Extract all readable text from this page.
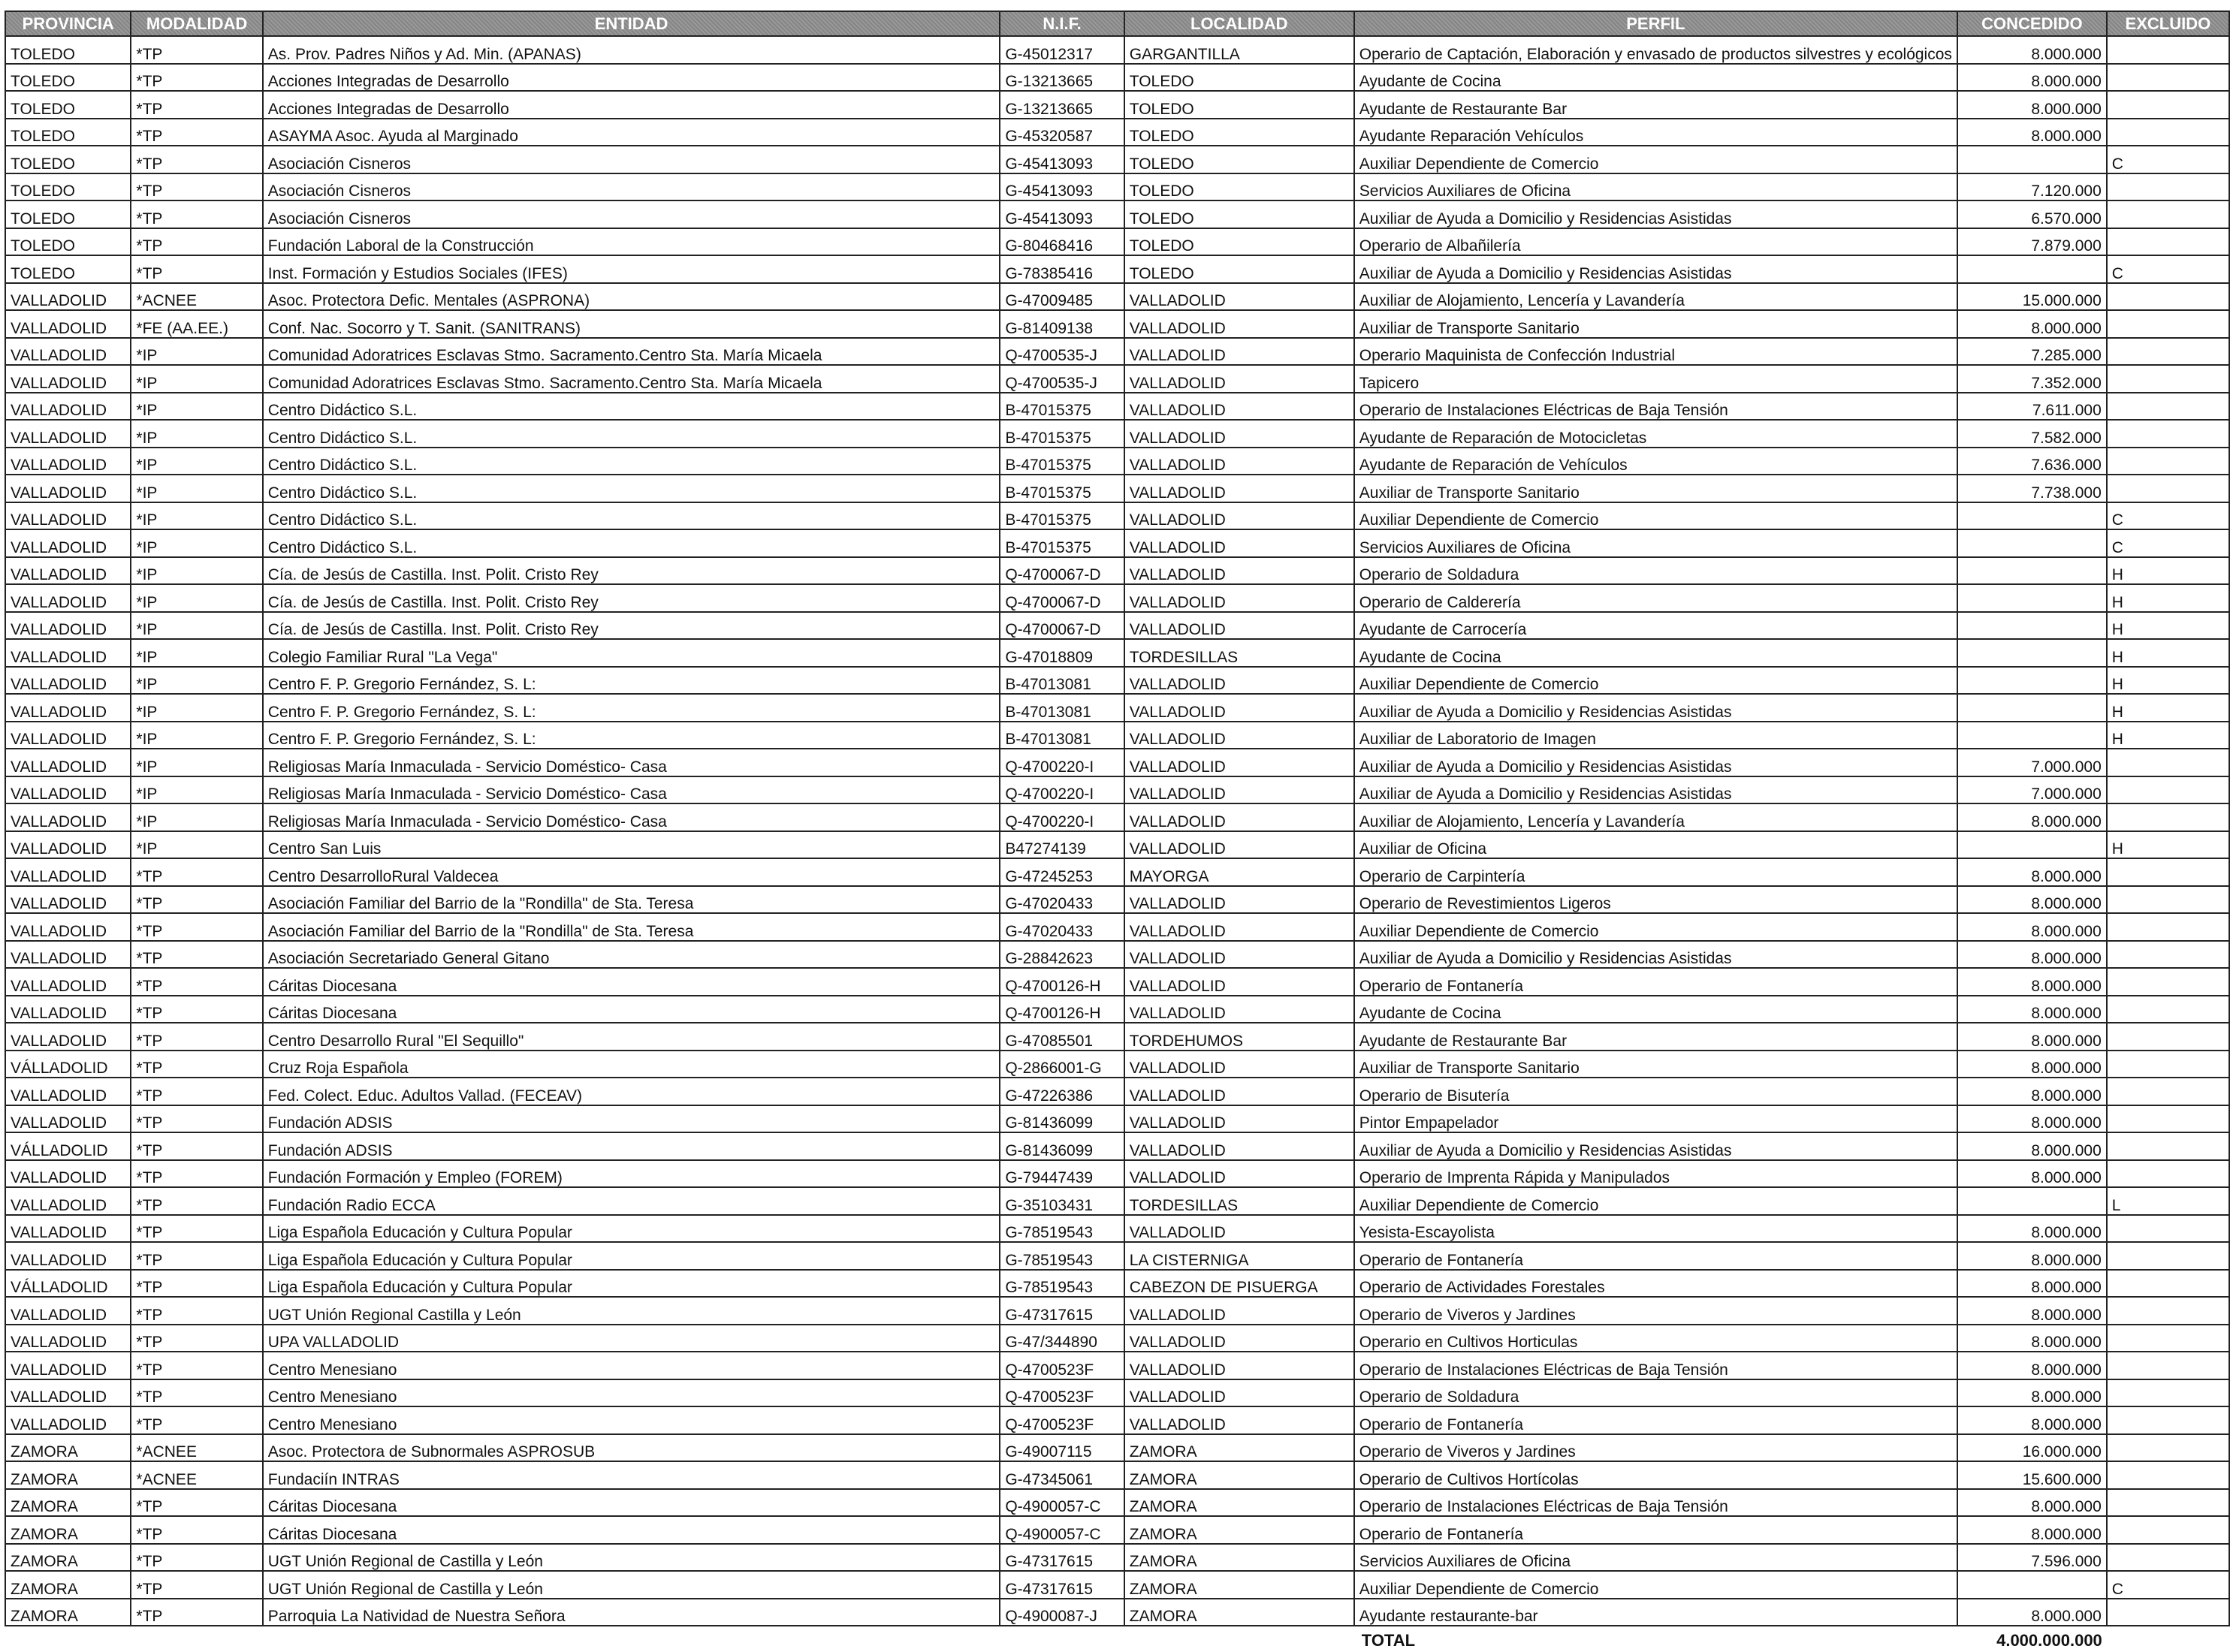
PROVINCIA	MODALIDAD	ENTIDAD	N.I.F.	LOCALIDAD	PERFIL	CONCEDIDO	EXCLUIDO
TOLEDO	*TP	As. Prov. Padres Niños y Ad. Min. (APANAS)	G-45012317	GARGANTILLA	Operario de Captación, Elaboración y envasado de productos silvestres y ecológicos	8.000.000	
TOLEDO	*TP	Acciones Integradas de Desarrollo	G-13213665	TOLEDO	Ayudante de Cocina	8.000.000	
TOLEDO	*TP	Acciones Integradas de Desarrollo	G-13213665	TOLEDO	Ayudante de Restaurante Bar	8.000.000	
TOLEDO	*TP	ASAYMA Asoc. Ayuda al Marginado	G-45320587	TOLEDO	Ayudante Reparación Vehículos	8.000.000	
TOLEDO	*TP	Asociación Cisneros	G-45413093	TOLEDO	Auxiliar Dependiente de Comercio		C
TOLEDO	*TP	Asociación Cisneros	G-45413093	TOLEDO	Servicios Auxiliares de Oficina	7.120.000	
TOLEDO	*TP	Asociación Cisneros	G-45413093	TOLEDO	Auxiliar de Ayuda a Domicilio y Residencias Asistidas	6.570.000	
TOLEDO	*TP	Fundación Laboral de la Construcción	G-80468416	TOLEDO	Operario de Albañilería	7.879.000	
TOLEDO	*TP	Inst. Formación y Estudios Sociales (IFES)	G-78385416	TOLEDO	Auxiliar de Ayuda a Domicilio y Residencias Asistidas		C
VALLADOLID	*ACNEE	Asoc. Protectora Defic. Mentales (ASPRONA)	G-47009485	VALLADOLID	Auxiliar de Alojamiento, Lencería y Lavandería	15.000.000	
VALLADOLID	*FE (AA.EE.)	Conf. Nac. Socorro y T. Sanit. (SANITRANS)	G-81409138	VALLADOLID	Auxiliar de Transporte Sanitario	8.000.000	
VALLADOLID	*IP	Comunidad Adoratrices Esclavas Stmo. Sacramento.Centro Sta. María Micaela	Q-4700535-J	VALLADOLID	Operario Maquinista de Confección Industrial	7.285.000	
VALLADOLID	*IP	Comunidad Adoratrices Esclavas Stmo. Sacramento.Centro Sta. María Micaela	Q-4700535-J	VALLADOLID	Tapicero	7.352.000	
VALLADOLID	*IP	Centro Didáctico S.L.	B-47015375	VALLADOLID	Operario de Instalaciones Eléctricas de Baja Tensión	7.611.000	
VALLADOLID	*IP	Centro Didáctico S.L.	B-47015375	VALLADOLID	Ayudante de Reparación de Motocicletas	7.582.000	
VALLADOLID	*IP	Centro Didáctico S.L.	B-47015375	VALLADOLID	Ayudante de Reparación de Vehículos	7.636.000	
VALLADOLID	*IP	Centro Didáctico S.L.	B-47015375	VALLADOLID	Auxiliar de Transporte Sanitario	7.738.000	
VALLADOLID	*IP	Centro Didáctico S.L.	B-47015375	VALLADOLID	Auxiliar Dependiente de Comercio		C
VALLADOLID	*IP	Centro Didáctico S.L.	B-47015375	VALLADOLID	Servicios Auxiliares de Oficina		C
VALLADOLID	*IP	Cía. de Jesús de Castilla. Inst. Polit. Cristo Rey	Q-4700067-D	VALLADOLID	Operario de Soldadura		H
VALLADOLID	*IP	Cía. de Jesús de Castilla. Inst. Polit. Cristo Rey	Q-4700067-D	VALLADOLID	Operario de Calderería		H
VALLADOLID	*IP	Cía. de Jesús de Castilla. Inst. Polit. Cristo Rey	Q-4700067-D	VALLADOLID	Ayudante de Carrocería		H
VALLADOLID	*IP	Colegio Familiar Rural "La Vega"	G-47018809	TORDESILLAS	Ayudante de Cocina		H
VALLADOLID	*IP	Centro F. P. Gregorio Fernández, S. L:	B-47013081	VALLADOLID	Auxiliar Dependiente de Comercio		H
VALLADOLID	*IP	Centro F. P. Gregorio Fernández, S. L:	B-47013081	VALLADOLID	Auxiliar de Ayuda a Domicilio y Residencias Asistidas		H
VALLADOLID	*IP	Centro F. P. Gregorio Fernández, S. L:	B-47013081	VALLADOLID	Auxiliar de Laboratorio de Imagen		H
VALLADOLID	*IP	Religiosas María Inmaculada - Servicio Doméstico- Casa	Q-4700220-I	VALLADOLID	Auxiliar de Ayuda a Domicilio y Residencias Asistidas	7.000.000	
VALLADOLID	*IP	Religiosas María Inmaculada - Servicio Doméstico- Casa	Q-4700220-I	VALLADOLID	Auxiliar de Ayuda a Domicilio y Residencias Asistidas	7.000.000	
VALLADOLID	*IP	Religiosas María Inmaculada - Servicio Doméstico- Casa	Q-4700220-I	VALLADOLID	Auxiliar de Alojamiento, Lencería y Lavandería	8.000.000	
VALLADOLID	*IP	Centro San Luis	B47274139	VALLADOLID	Auxiliar de Oficina		H
VALLADOLID	*TP	Centro DesarrolloRural Valdecea	G-47245253	MAYORGA	Operario de Carpintería	8.000.000	
VALLADOLID	*TP	Asociación Familiar del Barrio de la "Rondilla" de Sta. Teresa	G-47020433	VALLADOLID	Operario de Revestimientos Ligeros	8.000.000	
VALLADOLID	*TP	Asociación Familiar del Barrio de la "Rondilla" de Sta. Teresa	G-47020433	VALLADOLID	Auxiliar Dependiente de Comercio	8.000.000	
VALLADOLID	*TP	Asociación Secretariado General Gitano	G-28842623	VALLADOLID	Auxiliar de Ayuda a Domicilio y Residencias Asistidas	8.000.000	
VALLADOLID	*TP	Cáritas Diocesana	Q-4700126-H	VALLADOLID	Operario de Fontanería	8.000.000	
VALLADOLID	*TP	Cáritas Diocesana	Q-4700126-H	VALLADOLID	Ayudante de Cocina	8.000.000	
VALLADOLID	*TP	Centro Desarrollo Rural "El Sequillo"	G-47085501	TORDEHUMOS	Ayudante de Restaurante Bar	8.000.000	
VÁLLADOLID	*TP	Cruz Roja Española	Q-2866001-G	VALLADOLID	Auxiliar de Transporte Sanitario	8.000.000	
VALLADOLID	*TP	Fed. Colect. Educ. Adultos Vallad. (FECEAV)	G-47226386	VALLADOLID	Operario de Bisutería	8.000.000	
VALLADOLID	*TP	Fundación ADSIS	G-81436099	VALLADOLID	Pintor Empapelador	8.000.000	
VÁLLADOLID	*TP	Fundación ADSIS	G-81436099	VALLADOLID	Auxiliar de Ayuda a Domicilio y Residencias Asistidas	8.000.000	
VALLADOLID	*TP	Fundación Formación y Empleo (FOREM)	G-79447439	VALLADOLID	Operario de Imprenta Rápida y Manipulados	8.000.000	
VALLADOLID	*TP	Fundación Radio ECCA	G-35103431	TORDESILLAS	Auxiliar Dependiente de Comercio		L
VALLADOLID	*TP	Liga Española Educación y Cultura Popular	G-78519543	VALLADOLID	Yesista-Escayolista	8.000.000	
VALLADOLID	*TP	Liga Española Educación y Cultura Popular	G-78519543	LA CISTERNIGA	Operario de Fontanería	8.000.000	
VÁLLADOLID	*TP	Liga Española Educación y Cultura Popular	G-78519543	CABEZON DE PISUERGA	Operario de Actividades Forestales	8.000.000	
VALLADOLID	*TP	UGT Unión Regional Castilla y León	G-47317615	VALLADOLID	Operario de Viveros y Jardines	8.000.000	
VALLADOLID	*TP	UPA VALLADOLID	G-47/344890	VALLADOLID	Operario en Cultivos Horticulas	8.000.000	
VALLADOLID	*TP	Centro Menesiano	Q-4700523F	VALLADOLID	Operario de Instalaciones Eléctricas de Baja Tensión	8.000.000	
VALLADOLID	*TP	Centro Menesiano	Q-4700523F	VALLADOLID	Operario de Soldadura	8.000.000	
VALLADOLID	*TP	Centro Menesiano	Q-4700523F	VALLADOLID	Operario de Fontanería	8.000.000	
ZAMORA	*ACNEE	Asoc. Protectora de Subnormales ASPROSUB	G-49007115	ZAMORA	Operario de Viveros y Jardines	16.000.000	
ZAMORA	*ACNEE	Fundaciín INTRAS	G-47345061	ZAMORA	Operario de Cultivos Hortícolas	15.600.000	
ZAMORA	*TP	Cáritas Diocesana	Q-4900057-C	ZAMORA	Operario de Instalaciones Eléctricas de Baja Tensión	8.000.000	
ZAMORA	*TP	Cáritas Diocesana	Q-4900057-C	ZAMORA	Operario de Fontanería	8.000.000	
ZAMORA	*TP	UGT Unión Regional de Castilla y León	G-47317615	ZAMORA	Servicios Auxiliares de Oficina	7.596.000	
ZAMORA	*TP	UGT Unión Regional de Castilla y León	G-47317615	ZAMORA	Auxiliar Dependiente de Comercio		C
ZAMORA	*TP	Parroquia La Natividad de Nuestra Señora	Q-4900087-J	ZAMORA	Ayudante restaurante-bar	8.000.000	
					TOTAL	4.000.000.000	
